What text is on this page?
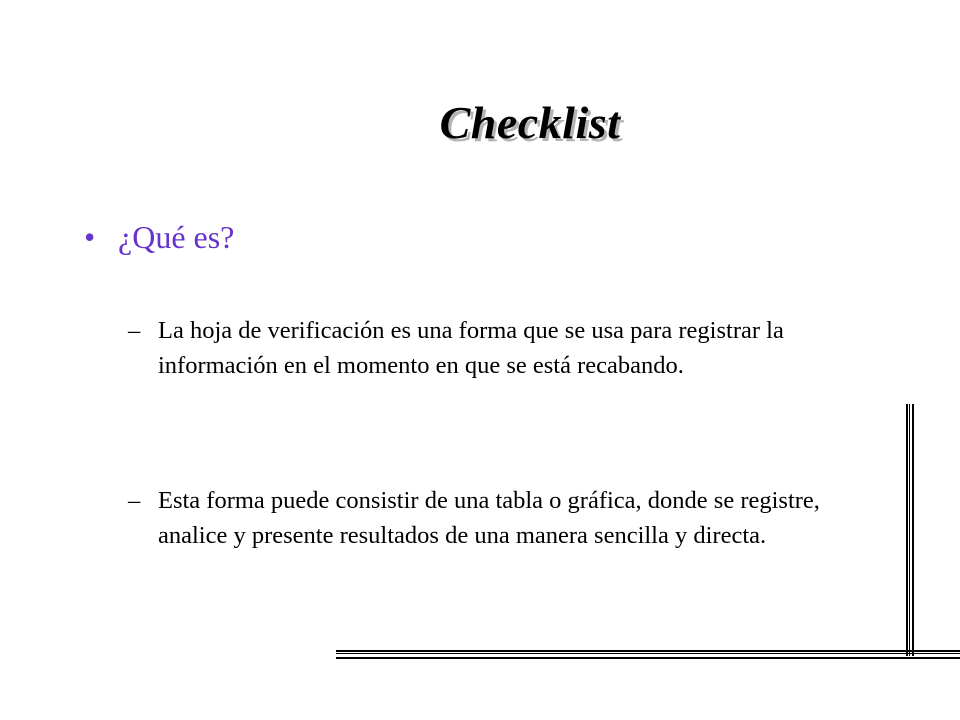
Checklist
• ¿Qué es?
– La hoja de verificación es una forma que se usa para registrar la información en el momento en que se está recabando.
– Esta forma puede consistir de una tabla o gráfica, donde se registre, analice y presente resultados de una manera sencilla y directa.
